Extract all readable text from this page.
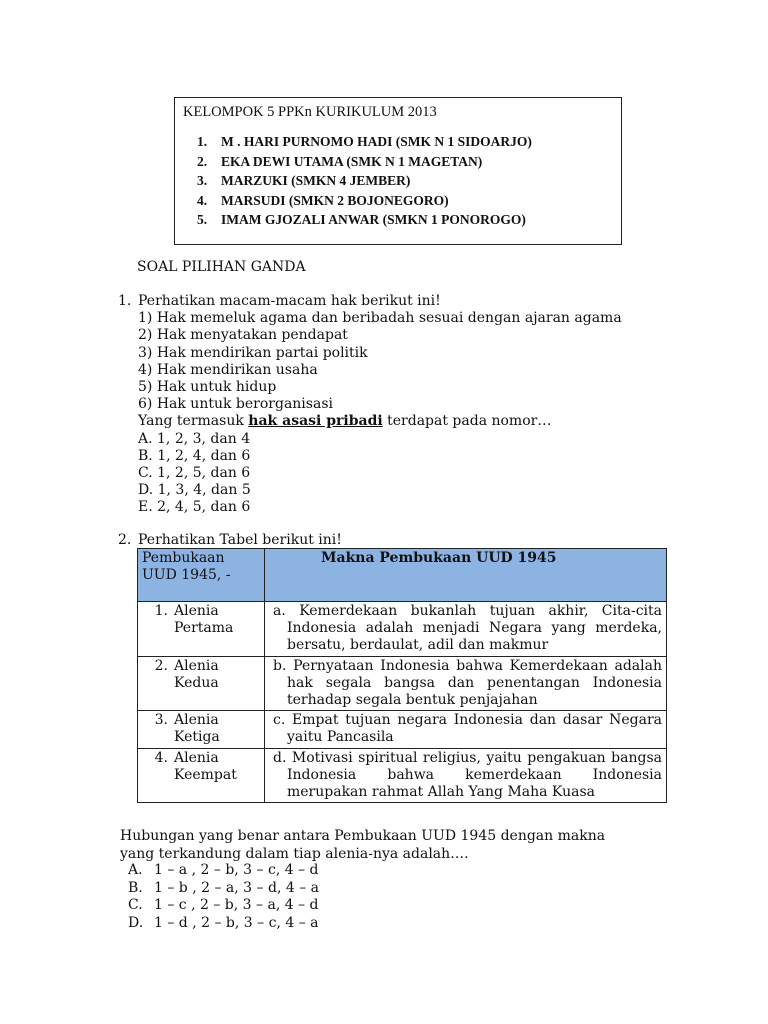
KELOMPOK 5 PPKn KURIKULUM 2013
1. M . HARI PURNOMO HADI (SMK N 1 SIDOARJO)
2. EKA DEWI UTAMA (SMK N 1 MAGETAN)
3. MARZUKI (SMKN 4 JEMBER)
4. MARSUDI (SMKN 2 BOJONEGORO)
5. IMAM GJOZALI ANWAR (SMKN 1 PONOROGO)
SOAL PILIHAN GANDA
1. Perhatikan macam-macam hak berikut ini!
1) Hak memeluk agama dan beribadah sesuai dengan ajaran agama
2) Hak menyatakan pendapat
3) Hak mendirikan partai politik
4) Hak mendirikan usaha
5) Hak untuk hidup
6) Hak untuk berorganisasi
Yang termasuk hak asasi pribadi terdapat pada nomor…
A. 1, 2, 3, dan 4
B. 1, 2, 4, dan 6
C. 1, 2, 5, dan 6
D. 1, 3, 4, dan 5
E. 2, 4, 5, dan 6
2. Perhatikan Tabel berikut ini!
Pembukaan UUD 1945, -	Makna Pembukaan UUD 1945
1. Alenia Pertama	a. Kemerdekaan bukanlah tujuan akhir, Cita-cita Indonesia adalah menjadi Negara yang merdeka, bersatu, berdaulat, adil dan makmur

2. Alenia Kedua	b. Pernyataan Indonesia bahwa Kemerdekaan adalah hak segala bangsa dan penentangan Indonesia terhadap segala bentuk penjajahan

3. Alenia Ketiga	c. Empat tujuan negara Indonesia dan dasar Negara yaitu Pancasila

4. Alenia Keempat	d. Motivasi spiritual religius, yaitu pengakuan bangsa Indonesia bahwa kemerdekaan Indonesia merupakan rahmat Allah Yang Maha Kuasa
Hubungan yang benar antara Pembukaan UUD 1945 dengan makna
yang terkandung dalam tiap alenia-nya adalah….
A. 1 – a , 2 – b, 3 – c, 4 – d
B. 1 – b , 2 – a, 3 – d, 4 – a
C. 1 – c , 2 – b, 3 – a, 4 – d
D. 1 – d , 2 – b, 3 – c, 4 – a
